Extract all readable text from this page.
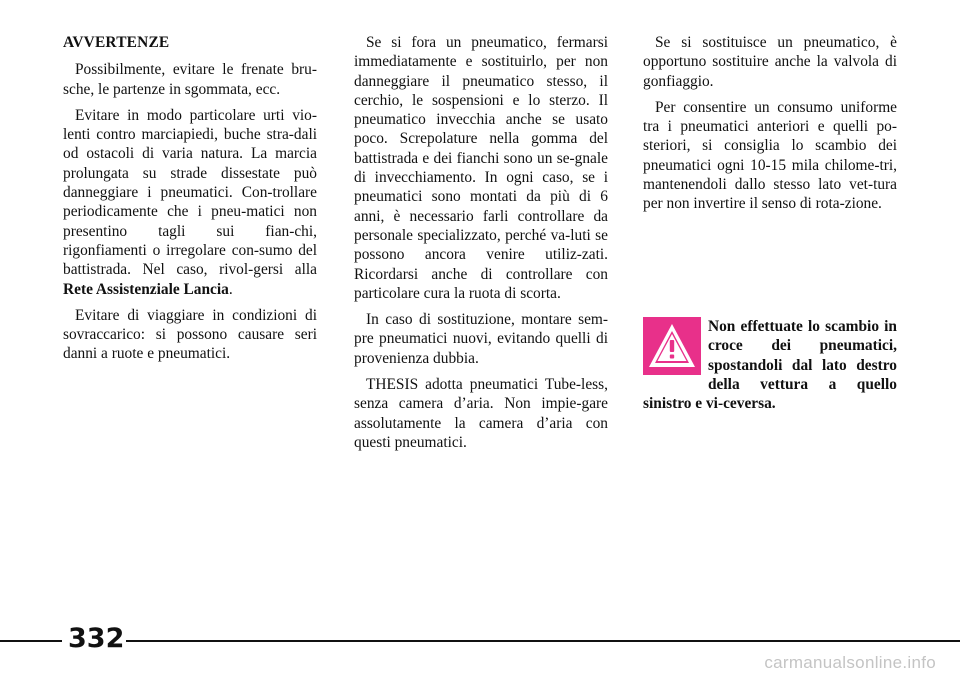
AVVERTENZE

Possibilmente, evitare le frenate bru-sche, le partenze in sgommata, ecc.

Evitare in modo particolare urti vio-lenti contro marciapiedi, buche stra-dali od ostacoli di varia natura. La marcia prolungata su strade dissestate può danneggiare i pneumatici. Con-trollare periodicamente che i pneu-matici non presentino tagli sui fian-chi, rigonfiamenti o irregolare con-sumo del battistrada. Nel caso, rivol-gersi alla Rete Assistenziale Lancia.

Evitare di viaggiare in condizioni di sovraccarico: si possono causare seri danni a ruote e pneumatici.

Se si fora un pneumatico, fermarsi immediatamente e sostituirlo, per non danneggiare il pneumatico stesso, il cerchio, le sospensioni e lo sterzo. Il pneumatico invecchia anche se usato poco. Screpolature nella gomma del battistrada e dei fianchi sono un se-gnale di invecchiamento. In ogni caso, se i pneumatici sono montati da più di 6 anni, è necessario farli controllare da personale specializzato, perché va-luti se possono ancora venire utiliz-zati. Ricordarsi anche di controllare con particolare cura la ruota di scorta.

In caso di sostituzione, montare sem-pre pneumatici nuovi, evitando quelli di provenienza dubbia.

THESIS adotta pneumatici Tube-less, senza camera d’aria. Non impie-gare assolutamente la camera d’aria con questi pneumatici.

Se si sostituisce un pneumatico, è opportuno sostituire anche la valvola di gonfiaggio.

Per consentire un consumo uniforme tra i pneumatici anteriori e quelli po-steriori, si consiglia lo scambio dei pneumatici ogni 10-15 mila chilome-tri, mantenendoli dallo stesso lato vet-tura per non invertire il senso di rota-zione.

Non effettuate lo scambio in croce dei pneumatici, spostandoli dal lato destro della vettura a quello sinistro e vi-ceversa.
332
carmanualsonline.info
